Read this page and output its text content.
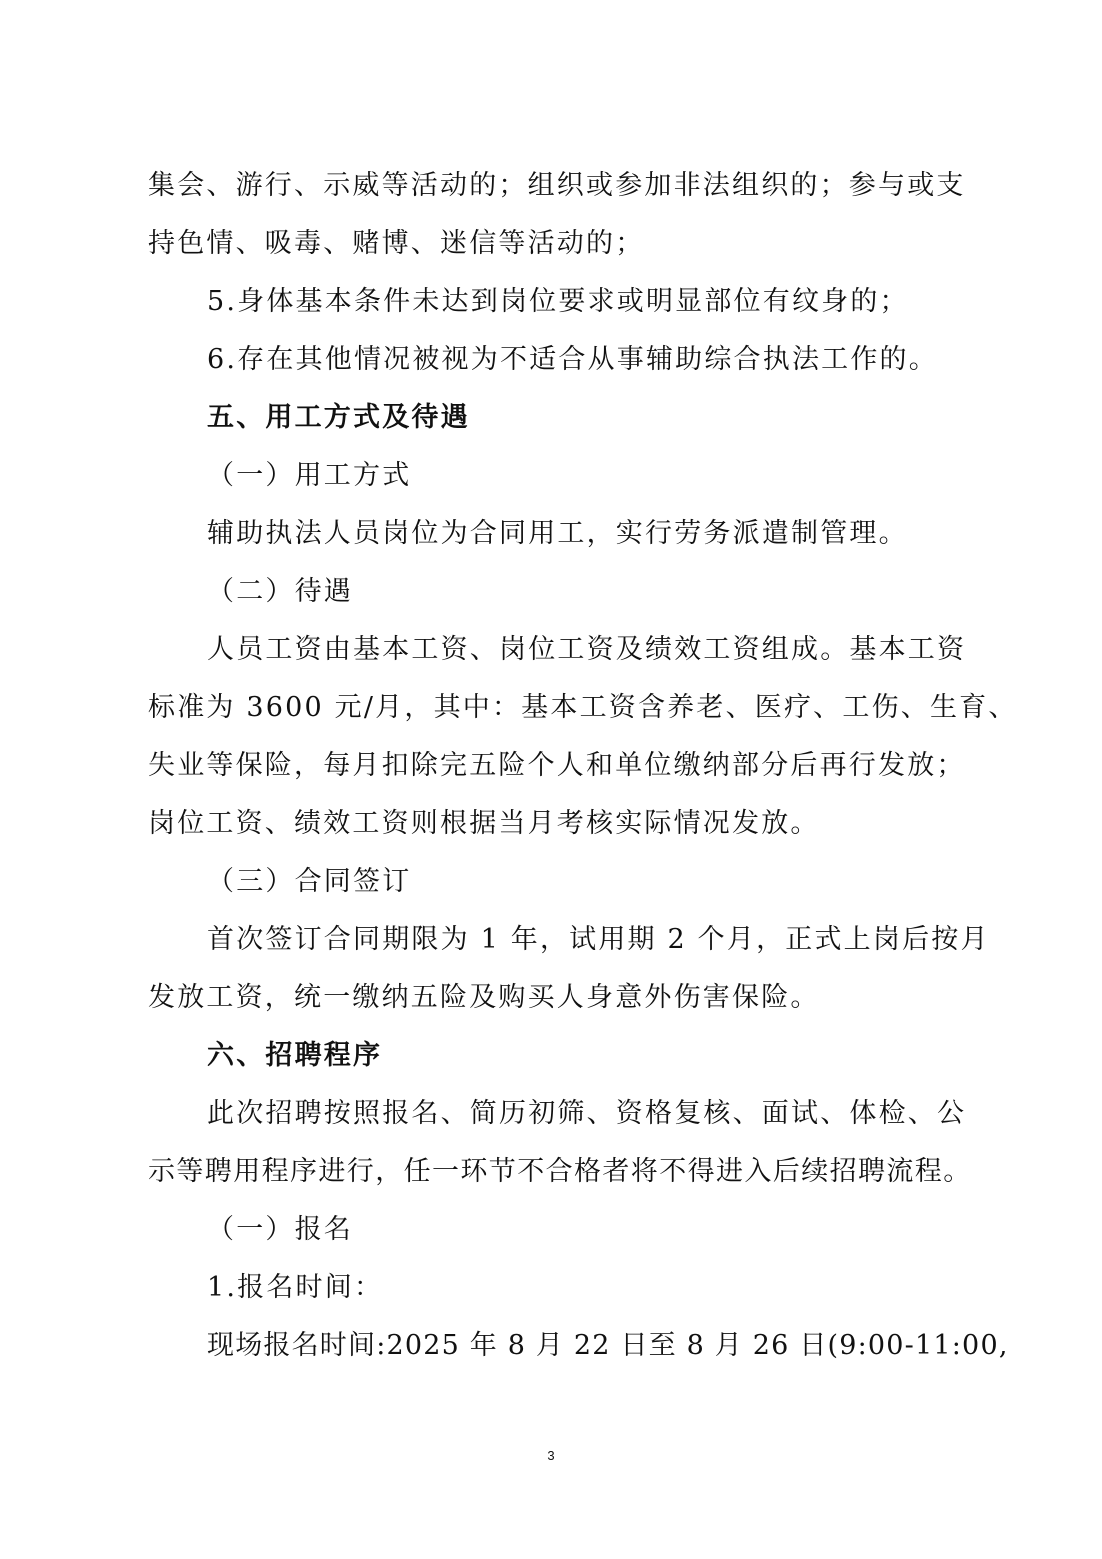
集会、游行、示威等活动的；组织或参加非法组织的；参与或支
持色情、吸毒、赌博、迷信等活动的；
5.身体基本条件未达到岗位要求或明显部位有纹身的；
6.存在其他情况被视为不适合从事辅助综合执法工作的。
五、用工方式及待遇
（一）用工方式
辅助执法人员岗位为合同用工，实行劳务派遣制管理。
（二）待遇
人员工资由基本工资、岗位工资及绩效工资组成。基本工资
标准为 3600 元/月，其中：基本工资含养老、医疗、工伤、生育、
失业等保险，每月扣除完五险个人和单位缴纳部分后再行发放；
岗位工资、绩效工资则根据当月考核实际情况发放。
（三）合同签订
首次签订合同期限为 1 年，试用期 2 个月，正式上岗后按月
发放工资，统一缴纳五险及购买人身意外伤害保险。
六、招聘程序
此次招聘按照报名、简历初筛、资格复核、面试、体检、公
示等聘用程序进行，任一环节不合格者将不得进入后续招聘流程。
（一）报名
1.报名时间：
现场报名时间:2025 年 8 月 22 日至 8 月 26 日(9:00-11:00,
3
